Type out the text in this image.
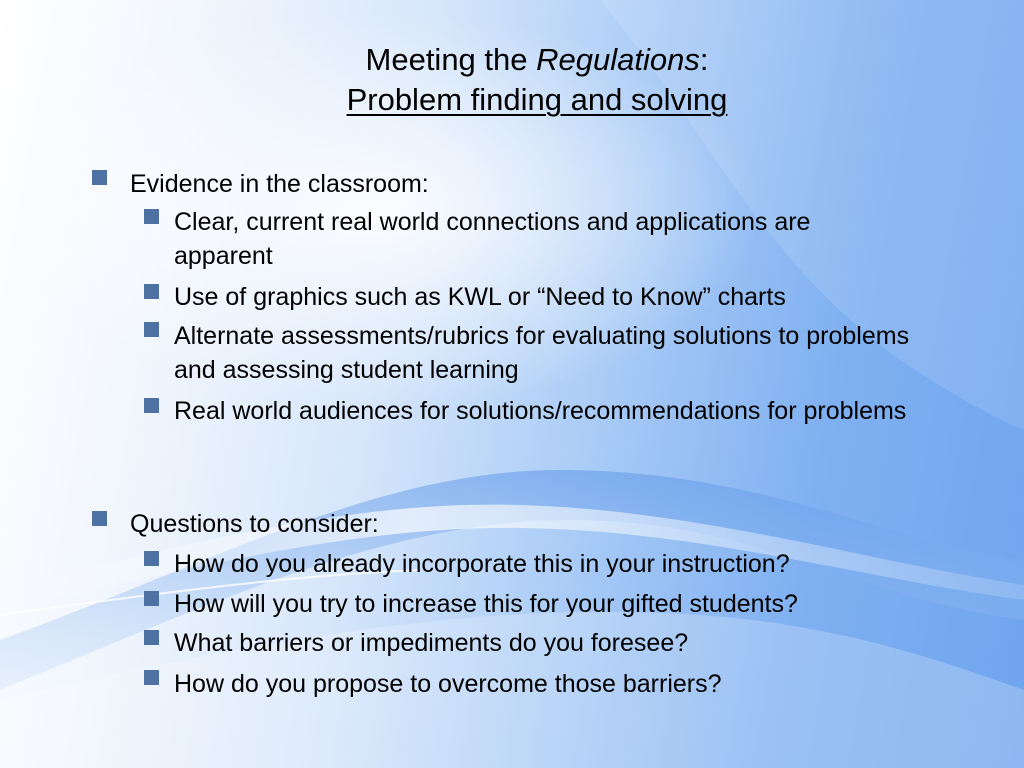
Meeting the Regulations:
Problem finding and solving
Evidence in the classroom:
Clear, current real world connections and applications are apparent
Use of graphics such as KWL or “Need to Know” charts
Alternate assessments/rubrics for evaluating solutions to problems and assessing student learning
Real world audiences for solutions/recommendations for problems
Questions to consider:
How do you already incorporate this in your instruction?
How will you try to increase this for your gifted students?
What barriers or impediments do you foresee?
How do you propose to overcome those barriers?
